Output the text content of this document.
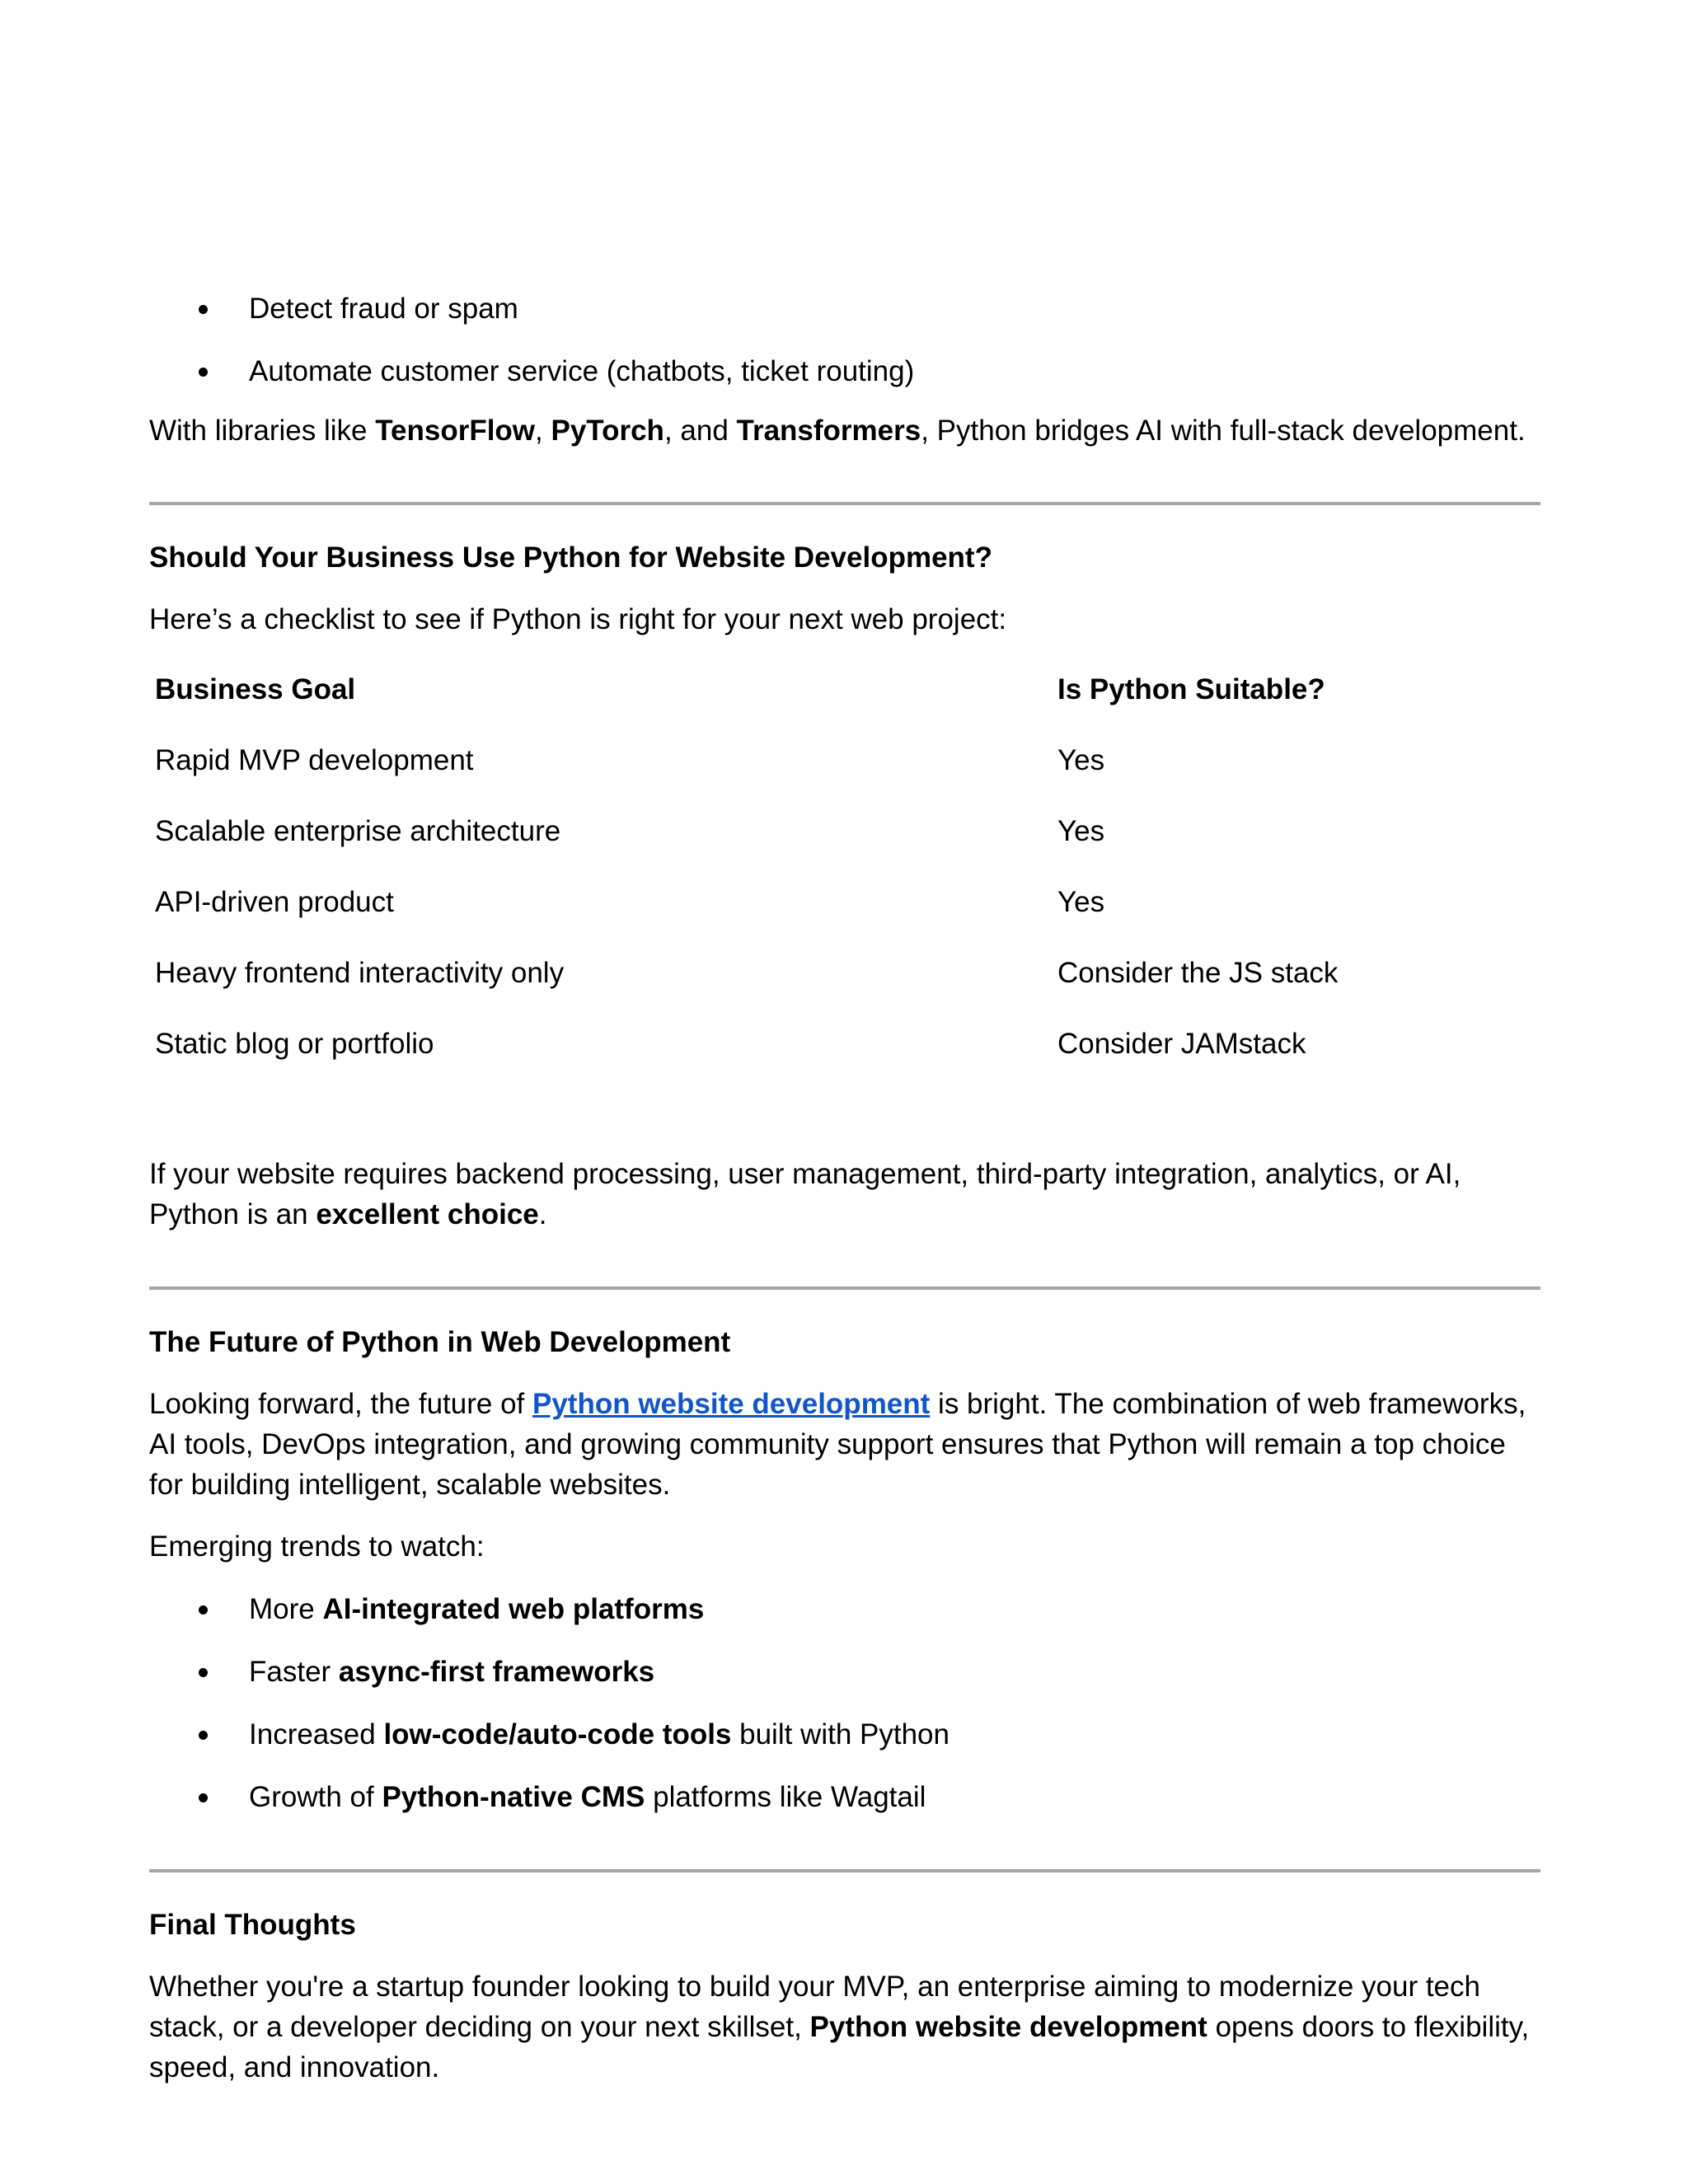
Detect fraud or spam
Automate customer service (chatbots, ticket routing)

With libraries like TensorFlow, PyTorch, and Transformers, Python bridges AI with full-stack development.

Should Your Business Use Python for Website Development?

Here’s a checklist to see if Python is right for your next web project:

Business Goal	Is Python Suitable?
Rapid MVP development	Yes
Scalable enterprise architecture	Yes
API-driven product	Yes
Heavy frontend interactivity only	Consider the JS stack
Static blog or portfolio	Consider JAMstack

If your website requires backend processing, user management, third-party integration, analytics, or AI, Python is an excellent choice.

The Future of Python in Web Development

Looking forward, the future of Python website development is bright. The combination of web frameworks, AI tools, DevOps integration, and growing community support ensures that Python will remain a top choice for building intelligent, scalable websites.

Emerging trends to watch:

More AI-integrated web platforms
Faster async-first frameworks
Increased low-code/auto-code tools built with Python
Growth of Python-native CMS platforms like Wagtail

Final Thoughts

Whether you're a startup founder looking to build your MVP, an enterprise aiming to modernize your tech stack, or a developer deciding on your next skillset, Python website development opens doors to flexibility, speed, and innovation.
